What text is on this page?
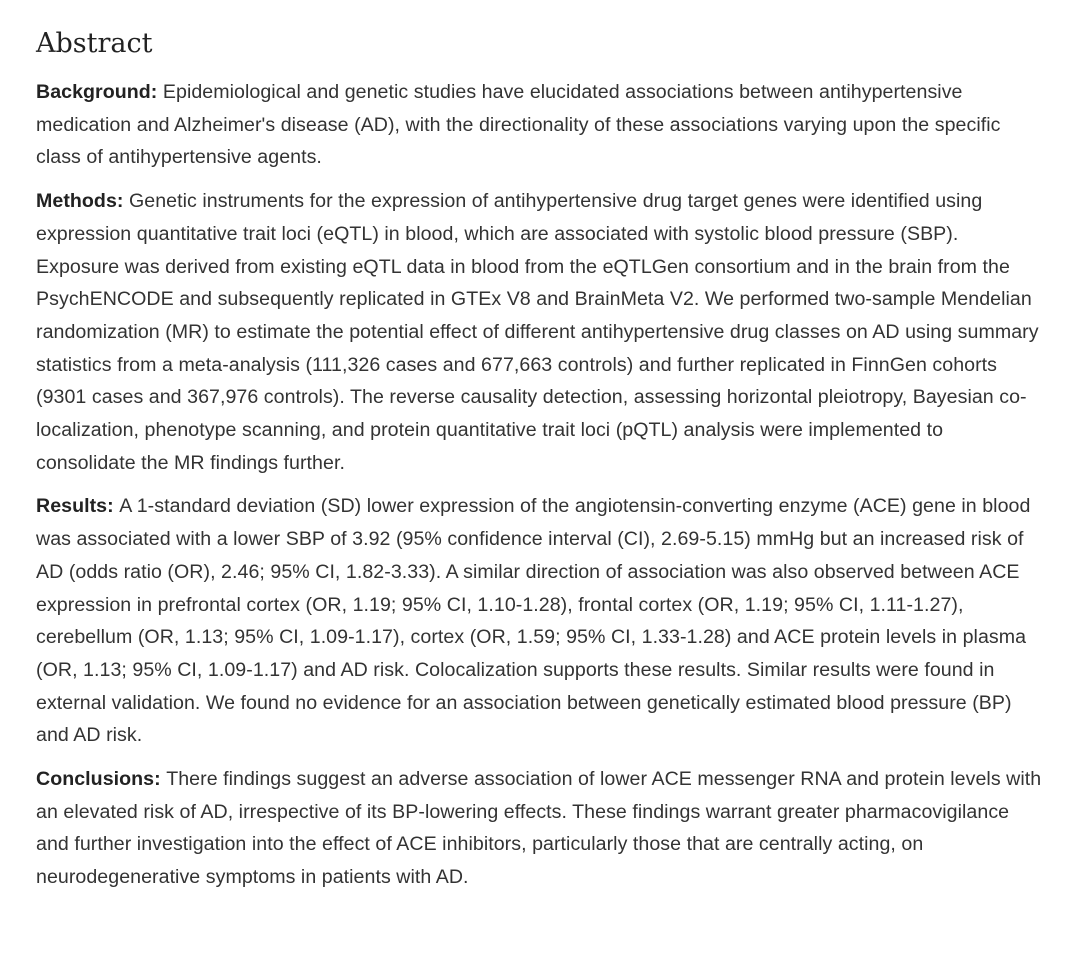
Abstract

Background: Epidemiological and genetic studies have elucidated associations between antihypertensive medication and Alzheimer's disease (AD), with the directionality of these associations varying upon the specific class of antihypertensive agents.

Methods: Genetic instruments for the expression of antihypertensive drug target genes were identified using expression quantitative trait loci (eQTL) in blood, which are associated with systolic blood pressure (SBP). Exposure was derived from existing eQTL data in blood from the eQTLGen consortium and in the brain from the PsychENCODE and subsequently replicated in GTEx V8 and BrainMeta V2. We performed two-sample Mendelian randomization (MR) to estimate the potential effect of different antihypertensive drug classes on AD using summary statistics from a meta-analysis (111,326 cases and 677,663 controls) and further replicated in FinnGen cohorts (9301 cases and 367,976 controls). The reverse causality detection, assessing horizontal pleiotropy, Bayesian co-localization, phenotype scanning, and protein quantitative trait loci (pQTL) analysis were implemented to consolidate the MR findings further.

Results: A 1-standard deviation (SD) lower expression of the angiotensin-converting enzyme (ACE) gene in blood was associated with a lower SBP of 3.92 (95% confidence interval (CI), 2.69-5.15) mmHg but an increased risk of AD (odds ratio (OR), 2.46; 95% CI, 1.82-3.33). A similar direction of association was also observed between ACE expression in prefrontal cortex (OR, 1.19; 95% CI, 1.10-1.28), frontal cortex (OR, 1.19; 95% CI, 1.11-1.27), cerebellum (OR, 1.13; 95% CI, 1.09-1.17), cortex (OR, 1.59; 95% CI, 1.33-1.28) and ACE protein levels in plasma (OR, 1.13; 95% CI, 1.09-1.17) and AD risk. Colocalization supports these results. Similar results were found in external validation. We found no evidence for an association between genetically estimated blood pressure (BP) and AD risk.

Conclusions: There findings suggest an adverse association of lower ACE messenger RNA and protein levels with an elevated risk of AD, irrespective of its BP-lowering effects. These findings warrant greater pharmacovigilance and further investigation into the effect of ACE inhibitors, particularly those that are centrally acting, on neurodegenerative symptoms in patients with AD.
